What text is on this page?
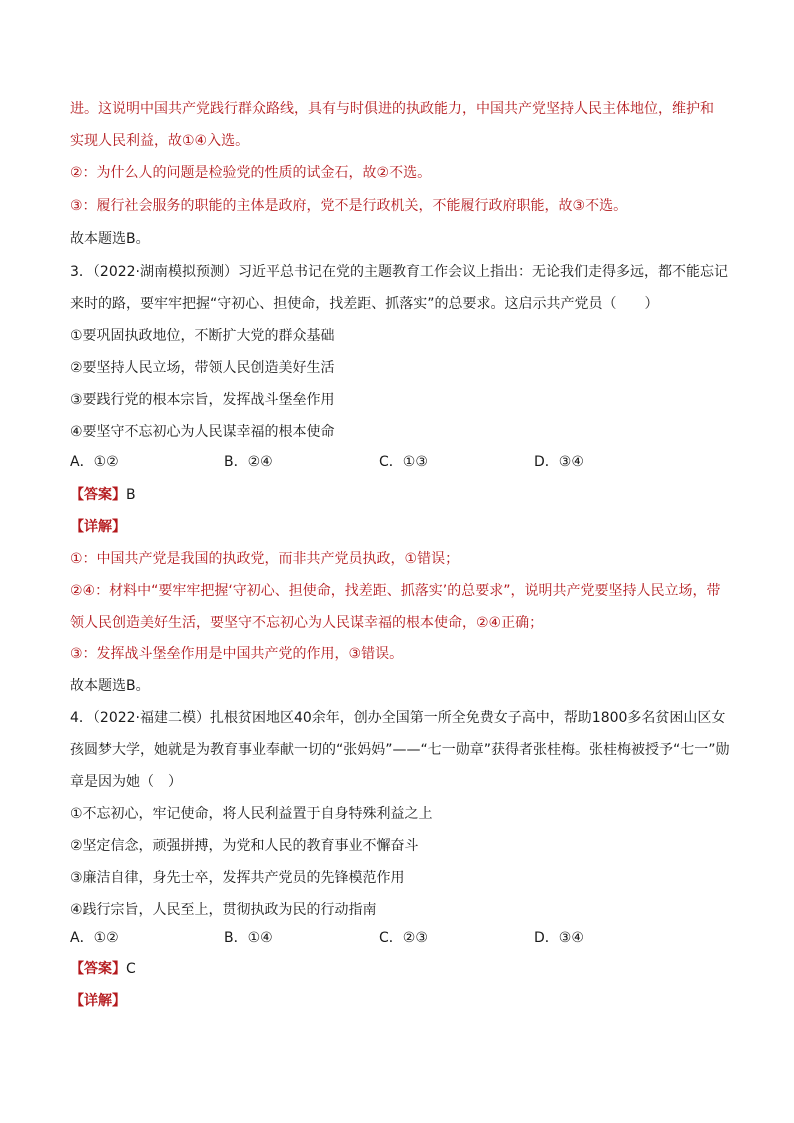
进。这说明中国共产党践行群众路线，具有与时俱进的执政能力，中国共产党坚持人民主体地位，维护和
实现人民利益，故①④入选。
②：为什么人的问题是检验党的性质的试金石，故②不选。
③：履行社会服务的职能的主体是政府，党不是行政机关，不能履行政府职能，故③不选。
故本题选B。
3．（2022·湖南模拟预测）习近平总书记在党的主题教育工作会议上指出：无论我们走得多远，都不能忘记
来时的路，要牢牢把握“守初心、担使命，找差距、抓落实”的总要求。这启示共产党员（　　）
①要巩固执政地位，不断扩大党的群众基础
②要坚持人民立场，带领人民创造美好生活
③要践行党的根本宗旨，发挥战斗堡垒作用
④要坚守不忘初心为人民谋幸福的根本使命
A．①②	B．②④	C．①③	D．③④
【答案】B
【详解】
①：中国共产党是我国的执政党，而非共产党员执政，①错误；
②④：材料中“要牢牢把握‘守初心、担使命，找差距、抓落实’的总要求”，说明共产党要坚持人民立场，带
领人民创造美好生活，要坚守不忘初心为人民谋幸福的根本使命，②④正确；
③：发挥战斗堡垒作用是中国共产党的作用，③错误。
故本题选B。
4．（2022·福建二模）扎根贫困地区40余年，创办全国第一所全免费女子高中，帮助1800多名贫困山区女
孩圆梦大学，她就是为教育事业奉献一切的“张妈妈”——“七一勋章”获得者张桂梅。张桂梅被授予“七一”勋
章是因为她（　）
①不忘初心，牢记使命，将人民利益置于自身特殊利益之上
②坚定信念，顽强拼搏，为党和人民的教育事业不懈奋斗
③廉洁自律，身先士卒，发挥共产党员的先锋模范作用
④践行宗旨，人民至上，贯彻执政为民的行动指南
A．①②	B．①④	C．②③	D．③④
【答案】C
【详解】
